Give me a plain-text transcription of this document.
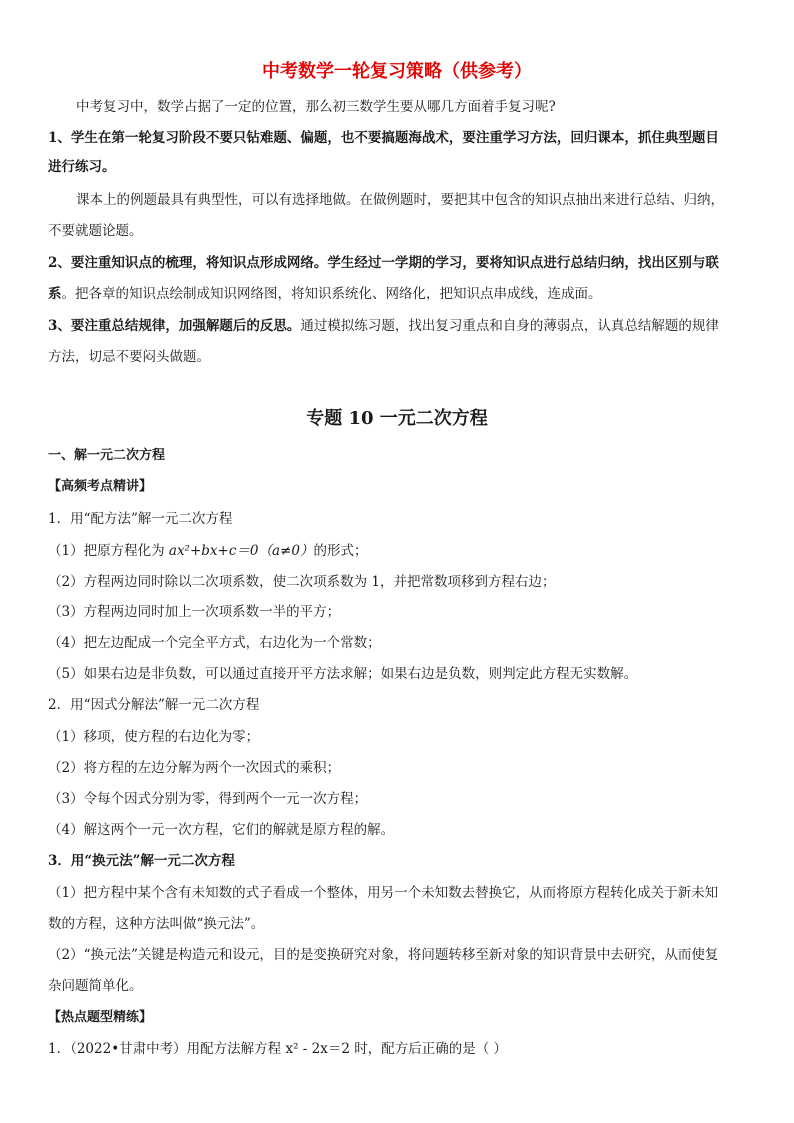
中考数学一轮复习策略（供参考）
中考复习中，数学占据了一定的位置，那么初三数学生要从哪几方面着手复习呢?
1、学生在第一轮复习阶段不要只钻难题、偏题，也不要搞题海战术，要注重学习方法，回归课本，抓住典型题目
进行练习。
课本上的例题最具有典型性，可以有选择地做。在做例题时，要把其中包含的知识点抽出来进行总结、归纳，
不要就题论题。
2、要注重知识点的梳理，将知识点形成网络。学生经过一学期的学习，要将知识点进行总结归纳，找出区别与联
系。把各章的知识点绘制成知识网络图，将知识系统化、网络化，把知识点串成线，连成面。
3、要注重总结规律，加强解题后的反思。通过模拟练习题，找出复习重点和自身的薄弱点，认真总结解题的规律
方法，切忌不要闷头做题。
专题 10 一元二次方程
一、解一元二次方程
【高频考点精讲】
1．用“配方法”解一元二次方程
（1）把原方程化为 ax²+bx+c＝0（a≠0）的形式；
（2）方程两边同时除以二次项系数，使二次项系数为 1，并把常数项移到方程右边；
（3）方程两边同时加上一次项系数一半的平方；
（4）把左边配成一个完全平方式，右边化为一个常数；
（5）如果右边是非负数，可以通过直接开平方法求解；如果右边是负数，则判定此方程无实数解。
2．用“因式分解法”解一元二次方程
（1）移项，使方程的右边化为零；
（2）将方程的左边分解为两个一次因式的乘积；
（3）令每个因式分别为零，得到两个一元一次方程；
（4）解这两个一元一次方程，它们的解就是原方程的解。
3．用“换元法”解一元二次方程
（1）把方程中某个含有未知数的式子看成一个整体，用另一个未知数去替换它，从而将原方程转化成关于新未知
数的方程，这种方法叫做“换元法”。
（2）“换元法”关键是构造元和设元，目的是变换研究对象，将问题转移至新对象的知识背景中去研究，从而使复
杂问题简单化。
【热点题型精练】
1．（2022•甘肃中考）用配方法解方程 x² - 2x＝2 时，配方后正确的是（ ）
